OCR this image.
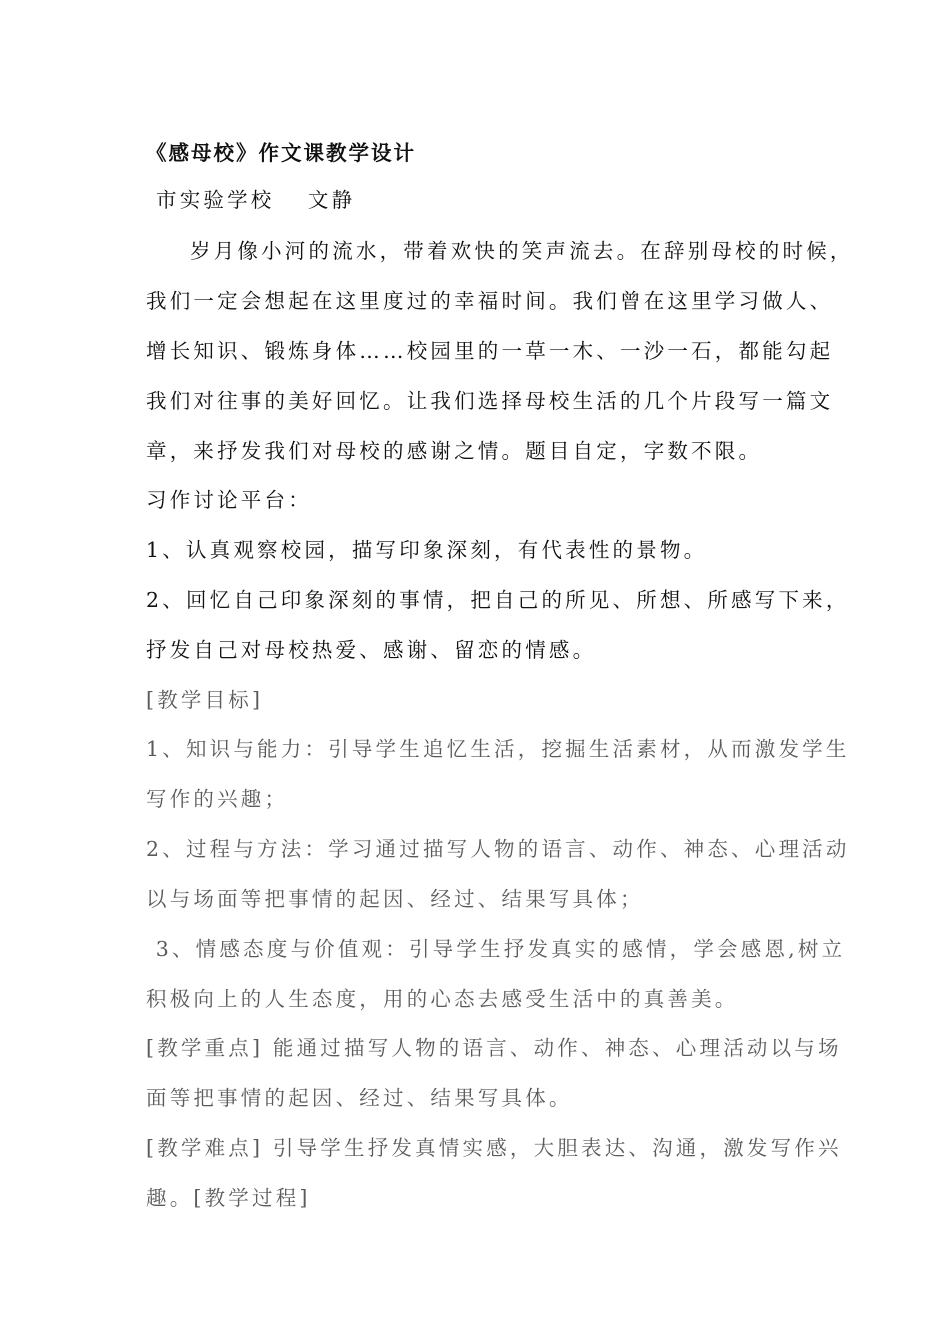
《感母校》作文课教学设计

市实验学校　 文静

岁月像小河的流水，带着欢快的笑声流去。在辞别母校的时候，

我们一定会想起在这里度过的幸福时间。我们曾在这里学习做人、

增长知识、锻炼身体……校园里的一草一木、一沙一石，都能勾起

我们对往事的美好回忆。让我们选择母校生活的几个片段写一篇文

章，来抒发我们对母校的感谢之情。题目自定，字数不限。

习作讨论平台：

1、认真观察校园，描写印象深刻，有代表性的景物。

2、回忆自己印象深刻的事情，把自己的所见、所想、所感写下来，

抒发自己对母校热爱、感谢、留恋的情感。

[教学目标]

1、知识与能力：引导学生追忆生活，挖掘生活素材，从而激发学生

写作的兴趣；

2、过程与方法：学习通过描写人物的语言、动作、神态、心理活动

以与场面等把事情的起因、经过、结果写具体；

3、情感态度与价值观：引导学生抒发真实的感情，学会感恩,树立

积极向上的人生态度，用的心态去感受生活中的真善美。

[教学重点] 能通过描写人物的语言、动作、神态、心理活动以与场

面等把事情的起因、经过、结果写具体。

[教学难点] 引导学生抒发真情实感，大胆表达、沟通，激发写作兴

趣。[教学过程]
